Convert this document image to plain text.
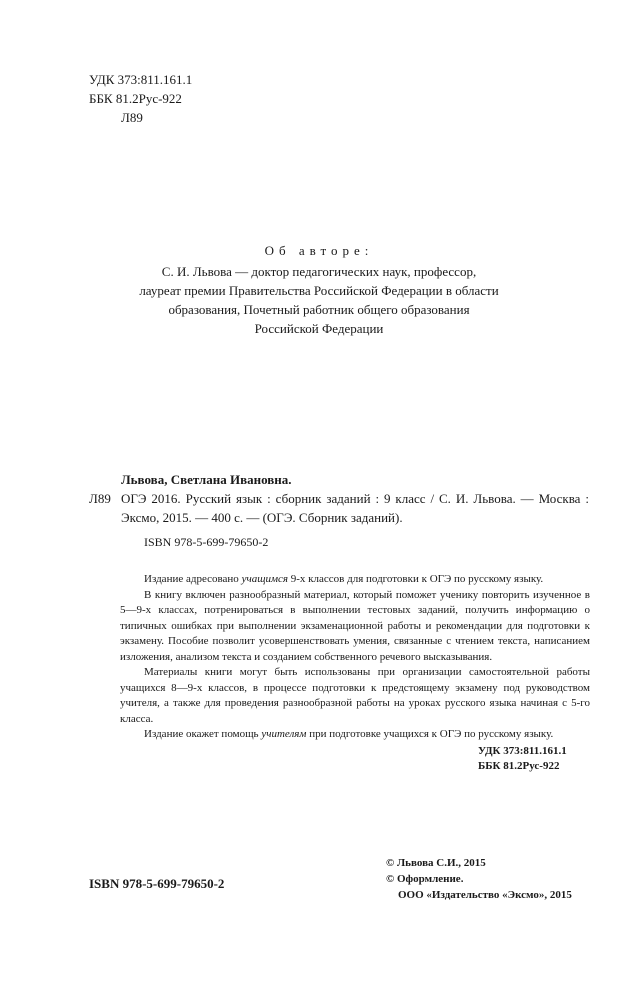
УДК 373:811.161.1
ББК 81.2Рус-922
Л89
Об авторе:
С. И. Львова — доктор педагогических наук, профессор,
лауреат премии Правительства Российской Федерации в области
образования, Почетный работник общего образования
Российской Федерации
Львова, Светлана Ивановна.
Л89 ОГЭ 2016. Русский язык : сборник заданий : 9 класс / С. И. Львова. — Москва : Эксмо, 2015. — 400 с. — (ОГЭ. Сборник заданий).
ISBN 978-5-699-79650-2

Издание адресовано учащимся 9-х классов для подготовки к ОГЭ по русскому языку.

В книгу включен разнообразный материал, который поможет ученику повторить изученное в 5—9-х классах, потренироваться в выполнении тестовых заданий, получить информацию о типичных ошибках при выполнении экзаменационной работы и рекомендации для подготовки к экзамену. Пособие позволит усовершенствовать умения, связанные с чтением текста, написанием изложения, анализом текста и созданием собственного речевого высказывания.

Материалы книги могут быть использованы при организации самостоятельной работы учащихся 8—9-х классов, в процессе подготовки к предстоящему экзамену под руководством учителя, а также для проведения разнообразной работы на уроках русского языка начиная с 5-го класса.

Издание окажет помощь учителям при подготовке учащихся к ОГЭ по русскому языку.

УДК 373:811.161.1
ББК 81.2Рус-922
ISBN 978-5-699-79650-2
© Львова С.И., 2015
© Оформление.
ООО «Издательство «Эксмо», 2015
